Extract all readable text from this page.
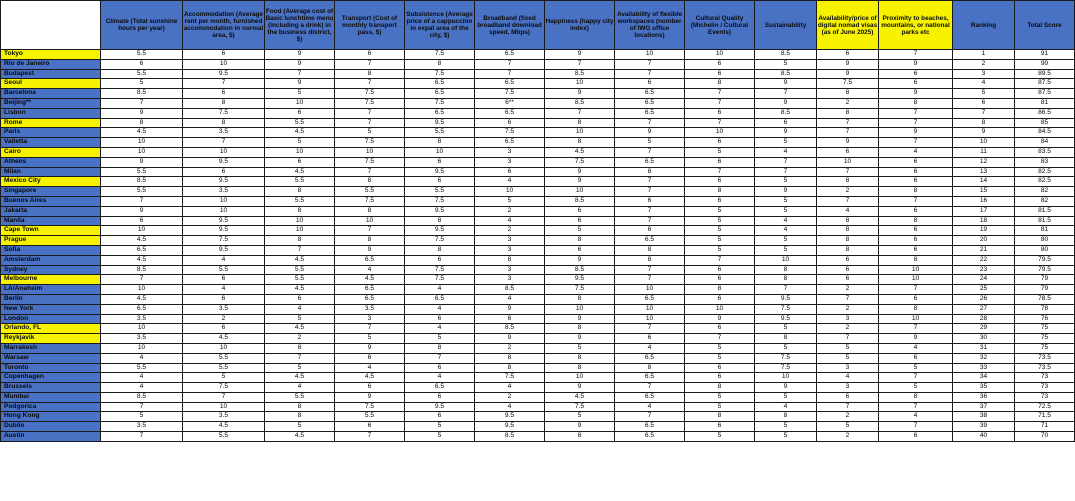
	Climate (Total sunshine hours per year)	Accommodation (Average rent per month, furnished accommodation in normal area, $)	Food (Average cost of Basic lunchtime menu (including a drink) in the business district, $)	Transport (Cost of monthly transport pass, $)	Subsistence (Average price of a cappuccino in expat area of the city, $)	Broadband (fixed broadband download speed, Mbps)	Happiness (happy city index)	Availability of flexible workspaces (number of IWG office locations)	Cultural Quality (Michelin / Cultural Events)	Sustainability	Availability/price of digital nomad visas (as of June 2025)	Proximity to beaches, mountains, or national parks etc	Ranking	Total Score
Tokyo	5.5	6	9	6	7.5	6.5	9	10	10	8.5	6	7	1	91
Rio de Janeiro	6	10	9	7	8	7	7	7	6	5	9	9	2	90
Budapest	5.5	9.5	7	8	7.5	7	8.5	7	6	8.5	9	6	3	89.5
Seoul	5	7	9	7	6.5	6.5	10	6	8	9	7.5	6	4	87.5
Barcelona	8.5	6	5	7.5	6.5	7.5	9	6.5	7	7	8	9	5	87.5
Beijing**	7	8	10	7.5	7.5	6**	8.5	6.5	7	9	2	8	6	81
Lisbon	9	7.5	6	7	6.5	6.5	7	6.5	6	8.5	8	7	7	86.5
Rome	8	8	5.5	7	9.5	6	8	7	7	6	7	7	8	85
Paris	4.5	3.5	4.5	5	5.5	7.5	10	9	10	9	7	9	9	84.5
Valletta	10	7	5	7.5	8	6.5	8	5	6	5	9	7	10	84
Cairo	10	10	10	10	10	3	4.5	7	5	4	6	4	11	83.5
Athens	9	9.5	6	7.5	6	3	7.5	6.5	6	7	10	6	12	83
Milan	5.5	6	4.5	7	9.5	6	9	8	7	7	7	6	13	82.5
Mexico City	8.5	9.5	5.5	8	6	4	9	7	6	5	8	6	14	82.5
Singapore	5.5	3.5	8	5.5	5.5	10	10	7	8	9	2	8	15	82
Buenos Aires	7	10	5.5	7.5	7.5	5	8.5	6	6	5	7	7	16	82
Jakarta	9	10	8	8	9.5	2	6	7	5	5	4	6	17	81.5
Manila	6	9.5	10	10	8	4	6	7	5	4	8	8	18	81.5
Cape Town	10	9.5	10	7	9.5	2	5	6	5	4	8	6	19	81
Prague	4.5	7.5	8	8	7.5	3	8	6.5	5	5	8	6	20	80
Sofia	6.5	9.5	7	9	8	3	6	8	5	5	8	6	21	80
Amsterdam	4.5	4	4.5	6.5	6	8	9	8	7	10	6	8	22	79.5
Sydney	8.5	5.5	5.5	4	7.5	3	8.5	7	6	8	6	10	23	79.5
Melbourne	7	6	5.5	4.5	7.5	3	9.5	7	6	8	6	10	24	79
LA/Anaheim	10	4	4.5	6.5	4	8.5	7.5	10	8	7	2	7	25	79
Berlin	4.5	6	6	6.5	6.5	4	8	6.5	6	9.5	7	6	26	78.5
New York	6.5	3.5	4	3.5	4	9	10	10	10	7.5	2	8	27	78
London	3.5	2	5	3	6	6	9	10	9	9.5	3	10	28	76
Orlando, FL	10	6	4.5	7	4	8.5	8	7	6	5	2	7	29	75
Reykjavik	3.5	4.5	2	5	5	9	9	6	7	8	7	9	30	75
Marrakesh	10	10	8	9	8	2	5	4	5	5	5	4	31	75
Warsaw	4	5.5	7	6	7	8	8	6.5	5	7.5	5	6	32	73.5
Toronto	5.5	5.5	5	4	6	8	8	8	6	7.5	3	5	33	73.5
Copenhagen	4	5	4.5	4.5	4	7.5	10	6.5	6	10	4	7	34	73
Brussels	4	7.5	4	6	6.5	4	9	7	8	9	3	5	35	73
Mumbai	8.5	7	5.5	9	6	2	4.5	6.5	5	5	6	8	36	73
Podgorica	7	10	8	7.5	9.5	4	7.5	4	5	4	7	7	37	72.5
Hong Kong	5	3.5	8	5.5	6	9.5	5	7	8	8	2	4	38	71.5
Dublin	3.5	4.5	5	6	5	9.5	9	6.5	6	5	5	7	39	71
Austin	7	5.5	4.5	7	5	8.5	8	6.5	5	5	2	6	40	70
